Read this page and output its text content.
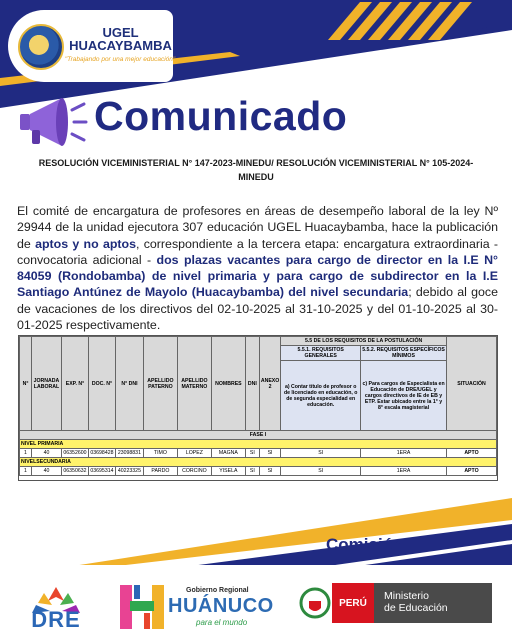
UGEL
HUACAYBAMBA
"Trabajando por una mejor educación"
Comunicado
RESOLUCIÓN VICEMINISTERIAL N° 147-2023-MINEDU/ RESOLUCIÓN VICEMINISTERIAL N° 105-2024-MINEDU
El comité de encargatura de profesores en áreas de desempeño laboral de la ley Nº 29944 de la unidad ejecutora 307 educación UGEL Huacaybamba, hace la publicación de aptos y no aptos, correspondiente a la tercera etapa: encargatura extraordinaria - convocatoria adicional - dos plazas vacantes para cargo de director en la I.E N° 84059 (Rondobamba) de nivel primaria y para cargo de subdirector en la I.E Santiago Antúnez de Mayolo (Huacaybamba) del nivel secundaria; debido al goce de vacaciones de los directivos del 02-10-2025 al 31-10-2025 y del 01-10-2025 al 30-01-2025 respectivamente.
N°	JORNADA LABORAL	EXP. N°	DOC. N°	N° DNI	APELLIDO PATERNO	APELLIDO MATERNO	NOMBRES	DNI	ANEXO 2	5.5 DE LOS REQUISITOS DE LA POSTULACIÓN		SITUACIÓN
										5.5.1. REQUISITOS GENERALES	5.5.2. REQUISITOS ESPECÍFICOS MÍNIMOS	
										a) Contar título de profesor o de licenciado en educación, o de segunda especialidad en educación.	c) Para cargos de Especialista en Educación de DRE/UGEL y cargos directivos de IE de EB y ETP. Estar ubicado entre la 1° y 8° escala magisterial	
FASE I												
NIVEL PRIMARIA												
1	40	06352600	03698428	23098831	TIMO	LOPEZ	MAGNA	SI	SI	SI	1ERA	APTO
NIVELSECUNDARIA												
1	40	06350632	03695314	40223325	PARDO	CORCINO	YISELA	SI	SI	SI	1ERA	APTO
Comisión
DRE
Gobierno Regional
HUÁNUCO
para el mundo
PERÚ
Ministerio
de Educación
